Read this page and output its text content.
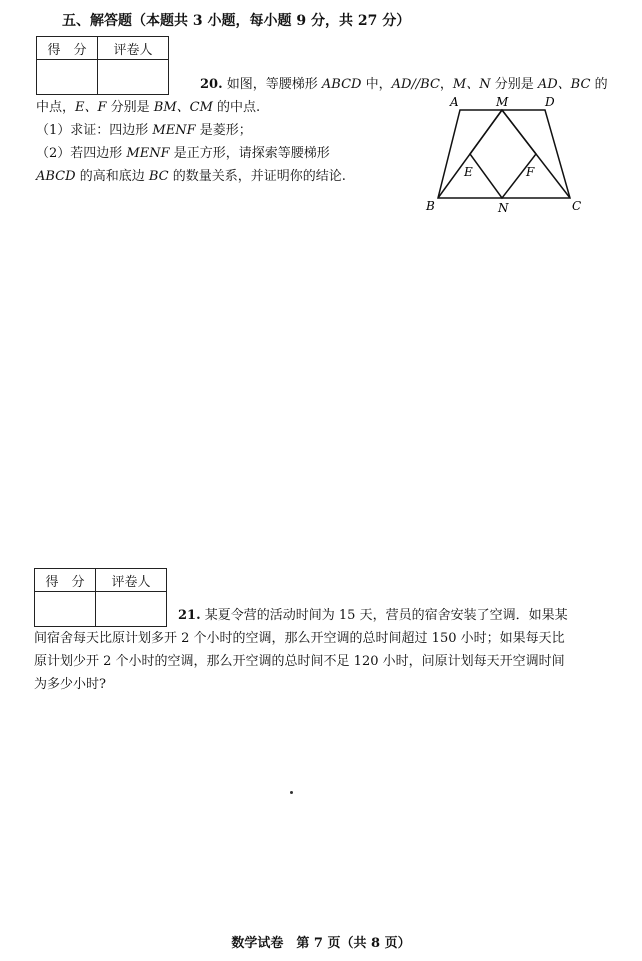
五、解答题（本题共 3 小题，每小题 9 分，共 27 分）
得　分	评卷人

20. 如图，等腰梯形 ABCD 中，AD//BC，M、N 分别是 AD、BC 的
中点，E、F 分别是 BM、CM 的中点.
（1）求证：四边形 MENF 是菱形；
（2）若四边形 MENF 是正方形，请探索等腰梯形
ABCD 的高和底边 BC 的数量关系，并证明你的结论.
A	M	D
B	N	C
E	F
得　分	评卷人

21. 某夏令营的活动时间为 15 天，营员的宿舍安装了空调．如果某
间宿舍每天比原计划多开 2 个小时的空调，那么开空调的总时间超过 150 小时；如果每天比
原计划少开 2 个小时的空调，那么开空调的总时间不足 120 小时，问原计划每天开空调时间
为多少小时?
数学试卷　第 7 页（共 8 页）
